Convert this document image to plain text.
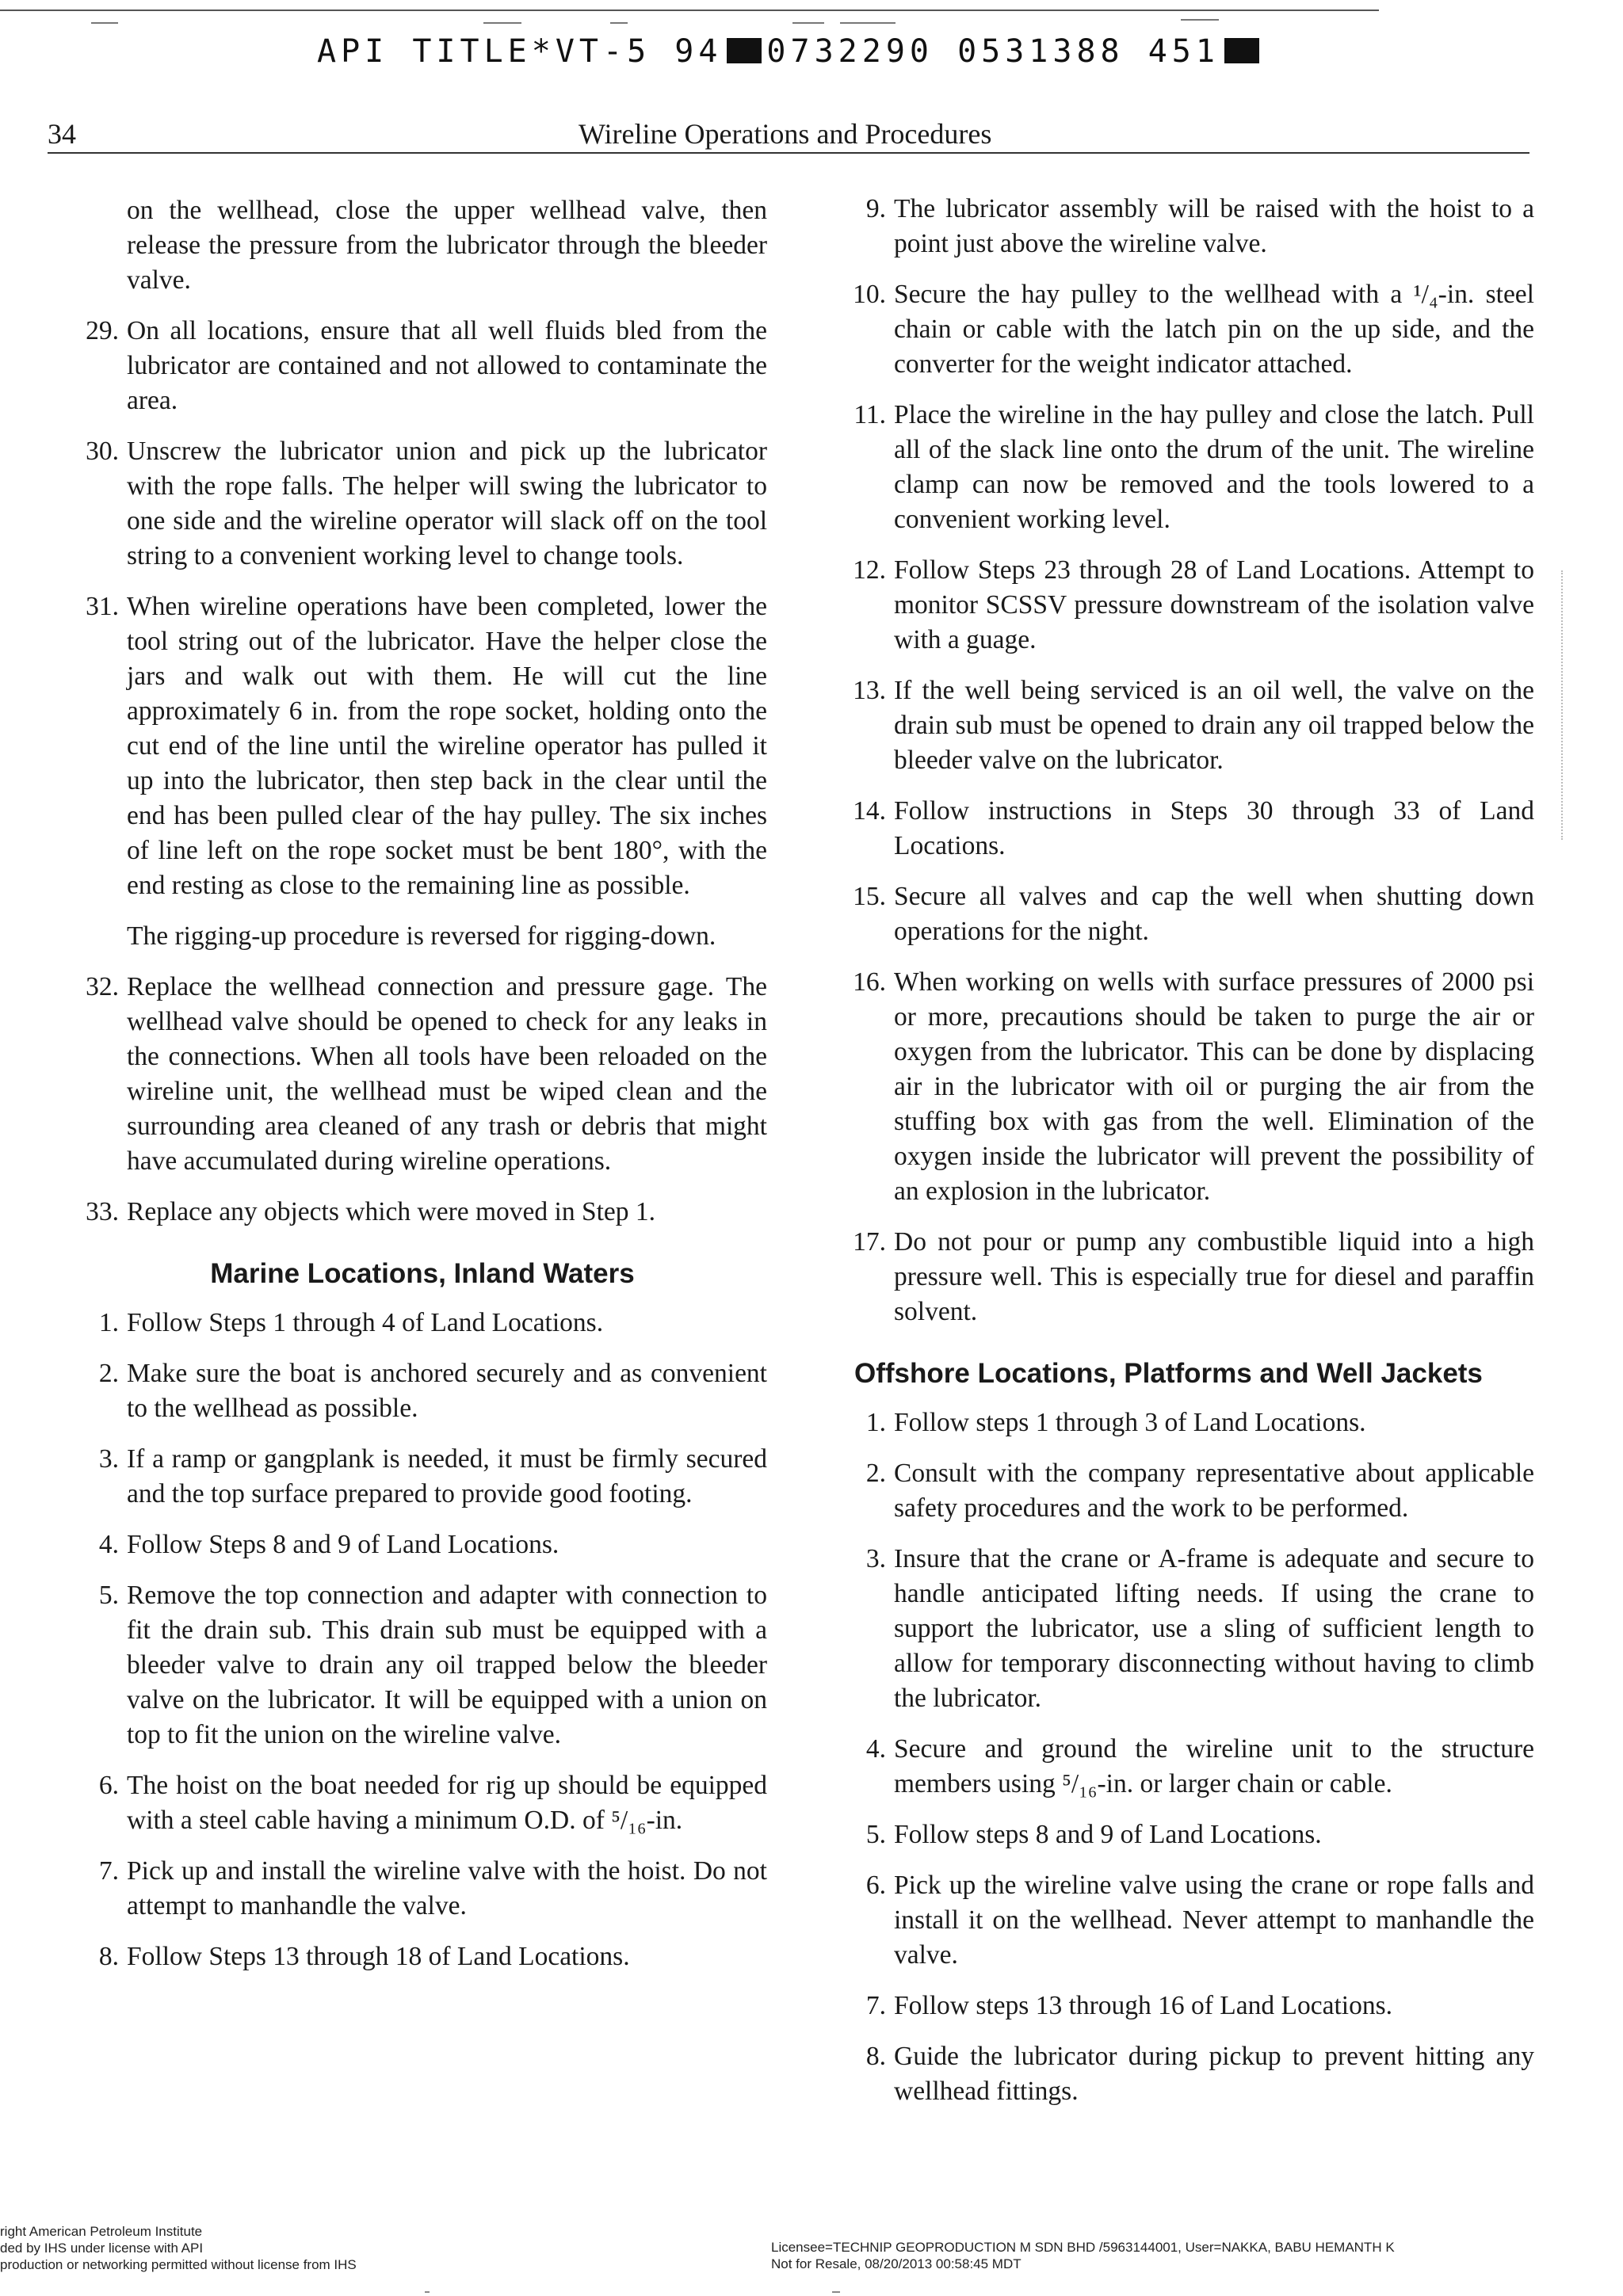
API TITLE*VT-5 94 0732290 0531388 451
34	Wireline Operations and Procedures

on the wellhead, close the upper wellhead valve, then release the pressure from the lubricator through the bleeder valve.

29. On all locations, ensure that all well fluids bled from the lubricator are contained and not allowed to contaminate the area.
30. Unscrew the lubricator union and pick up the lubricator with the rope falls. The helper will swing the lubricator to one side and the wireline operator will slack off on the tool string to a convenient working level to change tools.
31. When wireline operations have been completed, lower the tool string out of the lubricator. Have the helper close the jars and walk out with them. He will cut the line approximately 6 in. from the rope socket, holding onto the cut end of the line until the wireline operator has pulled it up into the lubricator, then step back in the clear until the end has been pulled clear of the hay pulley. The six inches of line left on the rope socket must be bent 180°, with the end resting as close to the remaining line as possible.

The rigging-up procedure is reversed for rigging-down.

32. Replace the wellhead connection and pressure gage. The wellhead valve should be opened to check for any leaks in the connections. When all tools have been reloaded on the wireline unit, the wellhead must be wiped clean and the surrounding area cleaned of any trash or debris that might have accumulated during wireline operations.
33. Replace any objects which were moved in Step 1.
Marine Locations, Inland Waters
1. Follow Steps 1 through 4 of Land Locations.
2. Make sure the boat is anchored securely and as convenient to the wellhead as possible.
3. If a ramp or gangplank is needed, it must be firmly secured and the top surface prepared to provide good footing.
4. Follow Steps 8 and 9 of Land Locations.
5. Remove the top connection and adapter with connection to fit the drain sub. This drain sub must be equipped with a bleeder valve to drain any oil trapped below the bleeder valve on the lubricator. It will be equipped with a union on top to fit the union on the wireline valve.
6. The hoist on the boat needed for rig up should be equipped with a steel cable having a minimum O.D. of ⁵/₁₆-in.
7. Pick up and install the wireline valve with the hoist. Do not attempt to manhandle the valve.
8. Follow Steps 13 through 18 of Land Locations.
9. The lubricator assembly will be raised with the hoist to a point just above the wireline valve.
10. Secure the hay pulley to the wellhead with a ¹/₄-in. steel chain or cable with the latch pin on the up side, and the converter for the weight indicator attached.
11. Place the wireline in the hay pulley and close the latch. Pull all of the slack line onto the drum of the unit. The wireline clamp can now be removed and the tools lowered to a convenient working level.
12. Follow Steps 23 through 28 of Land Locations. Attempt to monitor SCSSV pressure downstream of the isolation valve with a guage.
13. If the well being serviced is an oil well, the valve on the drain sub must be opened to drain any oil trapped below the bleeder valve on the lubricator.
14. Follow instructions in Steps 30 through 33 of Land Locations.
15. Secure all valves and cap the well when shutting down operations for the night.
16. When working on wells with surface pressures of 2000 psi or more, precautions should be taken to purge the air or oxygen from the lubricator. This can be done by displacing air in the lubricator with oil or purging the air from the stuffing box with gas from the well. Elimination of the oxygen inside the lubricator will prevent the possibility of an explosion in the lubricator.
17. Do not pour or pump any combustible liquid into a high pressure well. This is especially true for diesel and paraffin solvent.
Offshore Locations, Platforms and Well Jackets
1. Follow steps 1 through 3 of Land Locations.
2. Consult with the company representative about applicable safety procedures and the work to be performed.
3. Insure that the crane or A-frame is adequate and secure to handle anticipated lifting needs. If using the crane to support the lubricator, use a sling of sufficient length to allow for temporary disconnecting without having to climb the lubricator.
4. Secure and ground the wireline unit to the structure members using ⁵/₁₆-in. or larger chain or cable.
5. Follow steps 8 and 9 of Land Locations.
6. Pick up the wireline valve using the crane or rope falls and install it on the wellhead. Never attempt to manhandle the valve.
7. Follow steps 13 through 16 of Land Locations.
8. Guide the lubricator during pickup to prevent hitting any wellhead fittings.
right American Petroleum Institute
ded by IHS under license with API
production or networking permitted without license from IHS
Licensee=TECHNIP GEOPRODUCTION M SDN BHD /5963144001, User=NAKKA, BABU HEMANTH K
Not for Resale, 08/20/2013 00:58:45 MDT
